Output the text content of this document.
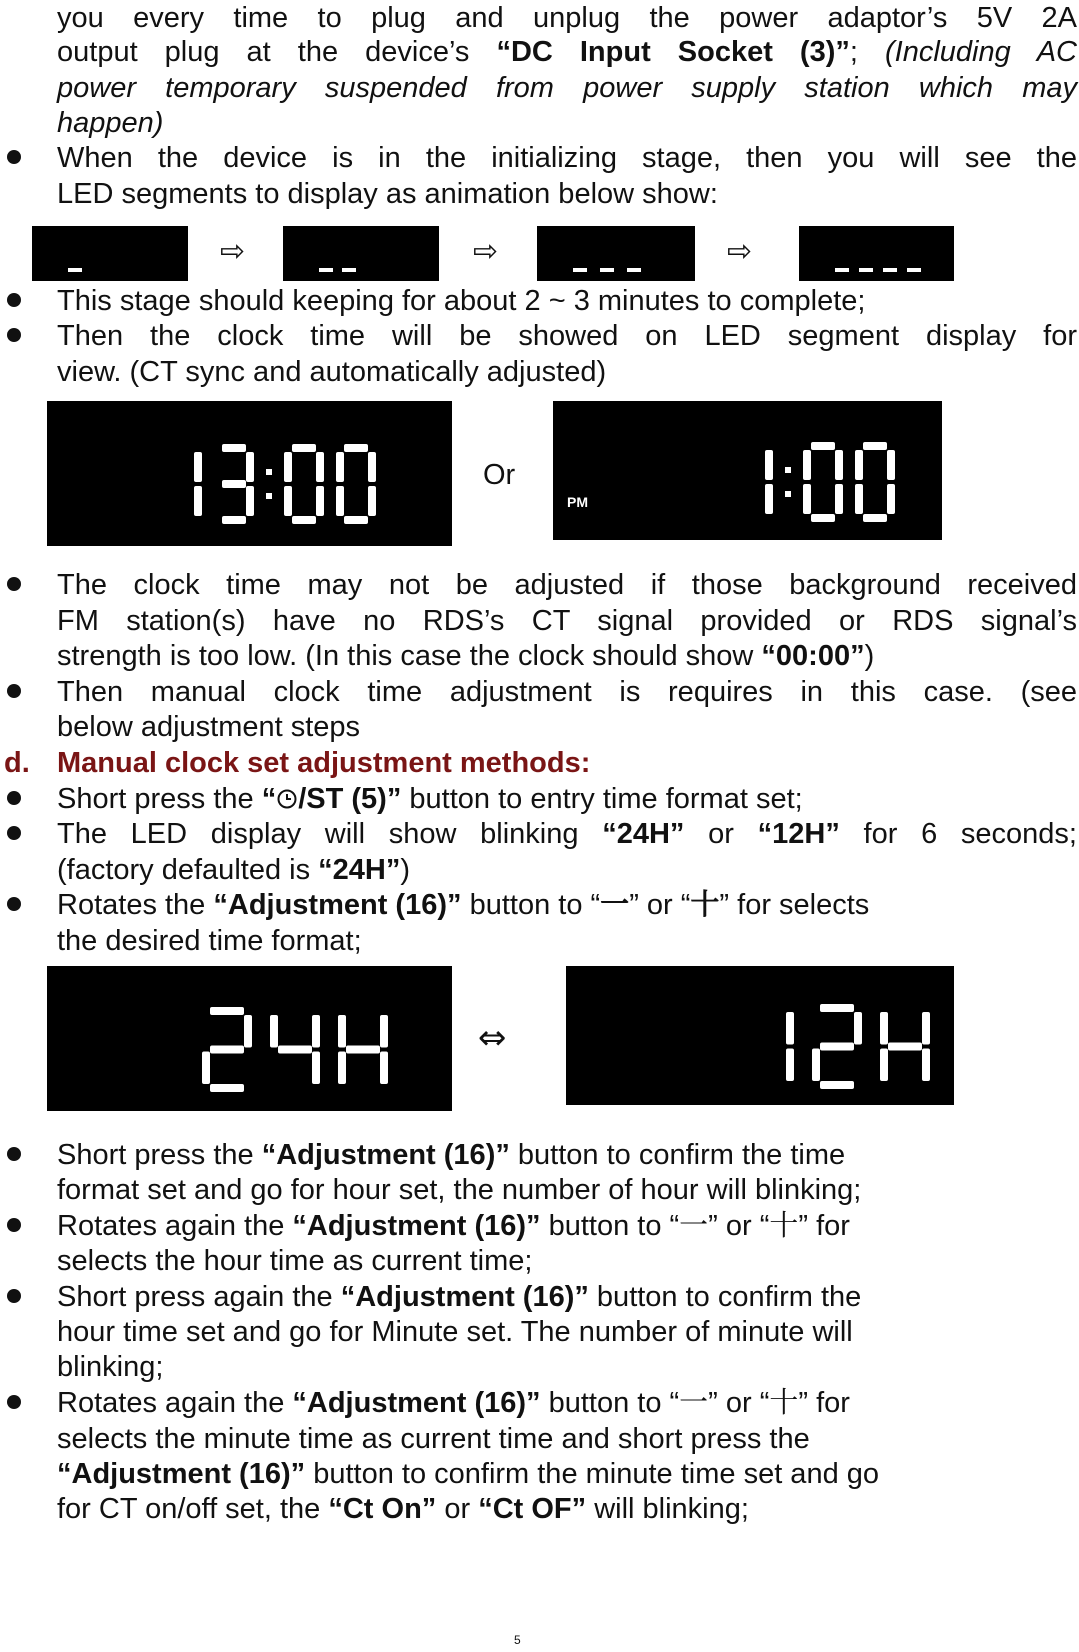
you every time to plug and unplug the power adaptor’s 5V 2A
output plug at the device’s “DC Input Socket (3)”; (Including AC
power temporary suspended from power supply station which may
happen)
When the device is in the initializing stage, then you will see the
LED segments to display as animation below show:
⇨	⇨	⇨
This stage should keeping for about 2 ~ 3 minutes to complete;
Then the clock time will be showed on LED segment display for
view. (CT sync and automatically adjusted)
Or
PM
The clock time may not be adjusted if those background received
FM station(s) have no RDS’s CT signal provided or RDS signal’s
strength is too low. (In this case the clock should show “00:00”)
Then manual clock time adjustment is requires in this case. (see
below adjustment steps
d. Manual clock set adjustment methods:
Short press the “ /ST (5)” button to entry time format set;
The LED display will show blinking “24H” or “12H” for 6 seconds;
(factory defaulted is “24H”)
Rotates the “Adjustment (16)” button to “一” or “十” for selects
the desired time format;
⇔
Short press the “Adjustment (16)” button to confirm the time
format set and go for hour set, the number of hour will blinking;
Rotates again the “Adjustment (16)” button to “一” or “十” for
selects the hour time as current time;
Short press again the “Adjustment (16)” button to confirm the
hour time set and go for Minute set. The number of minute will
blinking;
Rotates again the “Adjustment (16)” button to “一” or “十” for
selects the minute time as current time and short press the
“Adjustment (16)” button to confirm the minute time set and go
for CT on/off set, the “Ct On” or “Ct OF” will blinking;
5
